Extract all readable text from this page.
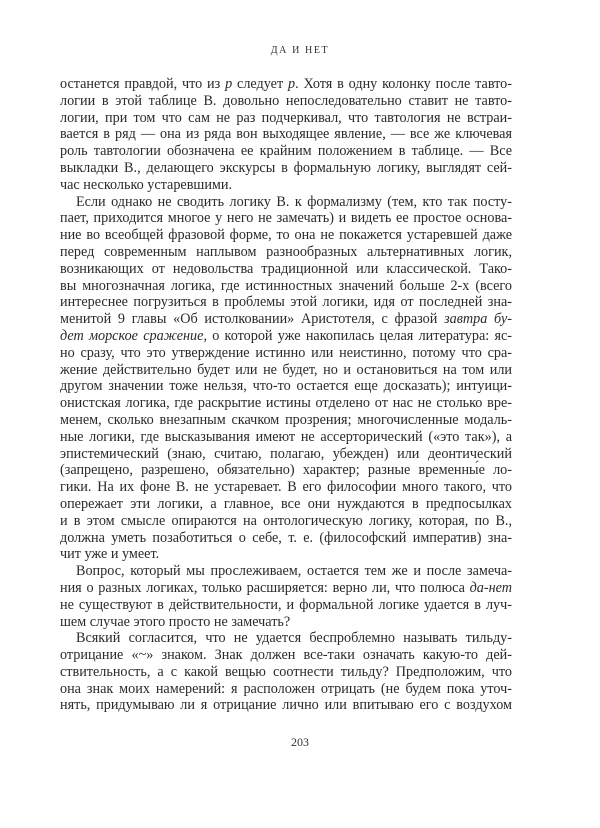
ДА И НЕТ
останется правдой, что из p следует p. Хотя в одну колонку после тавто-
логии в этой таблице В. довольно непоследовательно ставит не тавто-
логии, при том что сам не раз подчеркивал, что тавтология не встраи-
вается в ряд — она из ряда вон выходящее явление, — все же ключевая
роль тавтологии обозначена ее крайним положением в таблице. — Все
выкладки В., делающего экскурсы в формальную логику, выглядят сей-
час несколько устаревшими.
Если однако не сводить логику В. к формализму (тем, кто так посту-
пает, приходится многое у него не замечать) и видеть ее простое основа-
ние во всеобщей фразовой форме, то она не покажется устаревшей даже
перед современным наплывом разнообразных альтернативных логик,
возникающих от недовольства традиционной или классической. Тако-
вы многозначная логика, где истинностных значений больше 2-х (всего
интереснее погрузиться в проблемы этой логики, идя от последней зна-
менитой 9 главы «Об истолковании» Аристотеля, с фразой завтра бу-
дет морское сражение, о которой уже накопилась целая литература: яс-
но сразу, что это утверждение истинно или неистинно, потому что сра-
жение действительно будет или не будет, но и остановиться на том или
другом значении тоже нельзя, что-то остается еще досказать); интуици-
онистская логика, где раскрытие истины отделено от нас не столько вре-
менем, сколько внезапным скачком прозрения; многочисленные модаль-
ные логики, где высказывания имеют не ассерторический («это так»), а
эпистемический (знаю, считаю, полагаю, убежден) или деонтический
(запрещено, разрешено, обязательно) характер; разные временны́е ло-
гики. На их фоне В. не устаревает. В его философии много такого, что
опережает эти логики, а главное, все они нуждаются в предпосылках
и в этом смысле опираются на онтологическую логику, которая, по В.,
должна уметь позаботиться о себе, т. е. (философский императив) зна-
чит уже и умеет.
Вопрос, который мы прослеживаем, остается тем же и после замеча-
ния о разных логиках, только расширяется: верно ли, что полюса да-нет
не существуют в действительности, и формальной логике удается в луч-
шем случае этого просто не замечать?
Всякий согласится, что не удается беспроблемно называть тильду-
отрицание «~» знаком. Знак должен все-таки означать какую-то дей-
ствительность, а с какой вещью соотнести тильду? Предположим, что
она знак моих намерений: я расположен отрицать (не будем пока уточ-
нять, придумываю ли я отрицание лично или впитываю его с воздухом
203
